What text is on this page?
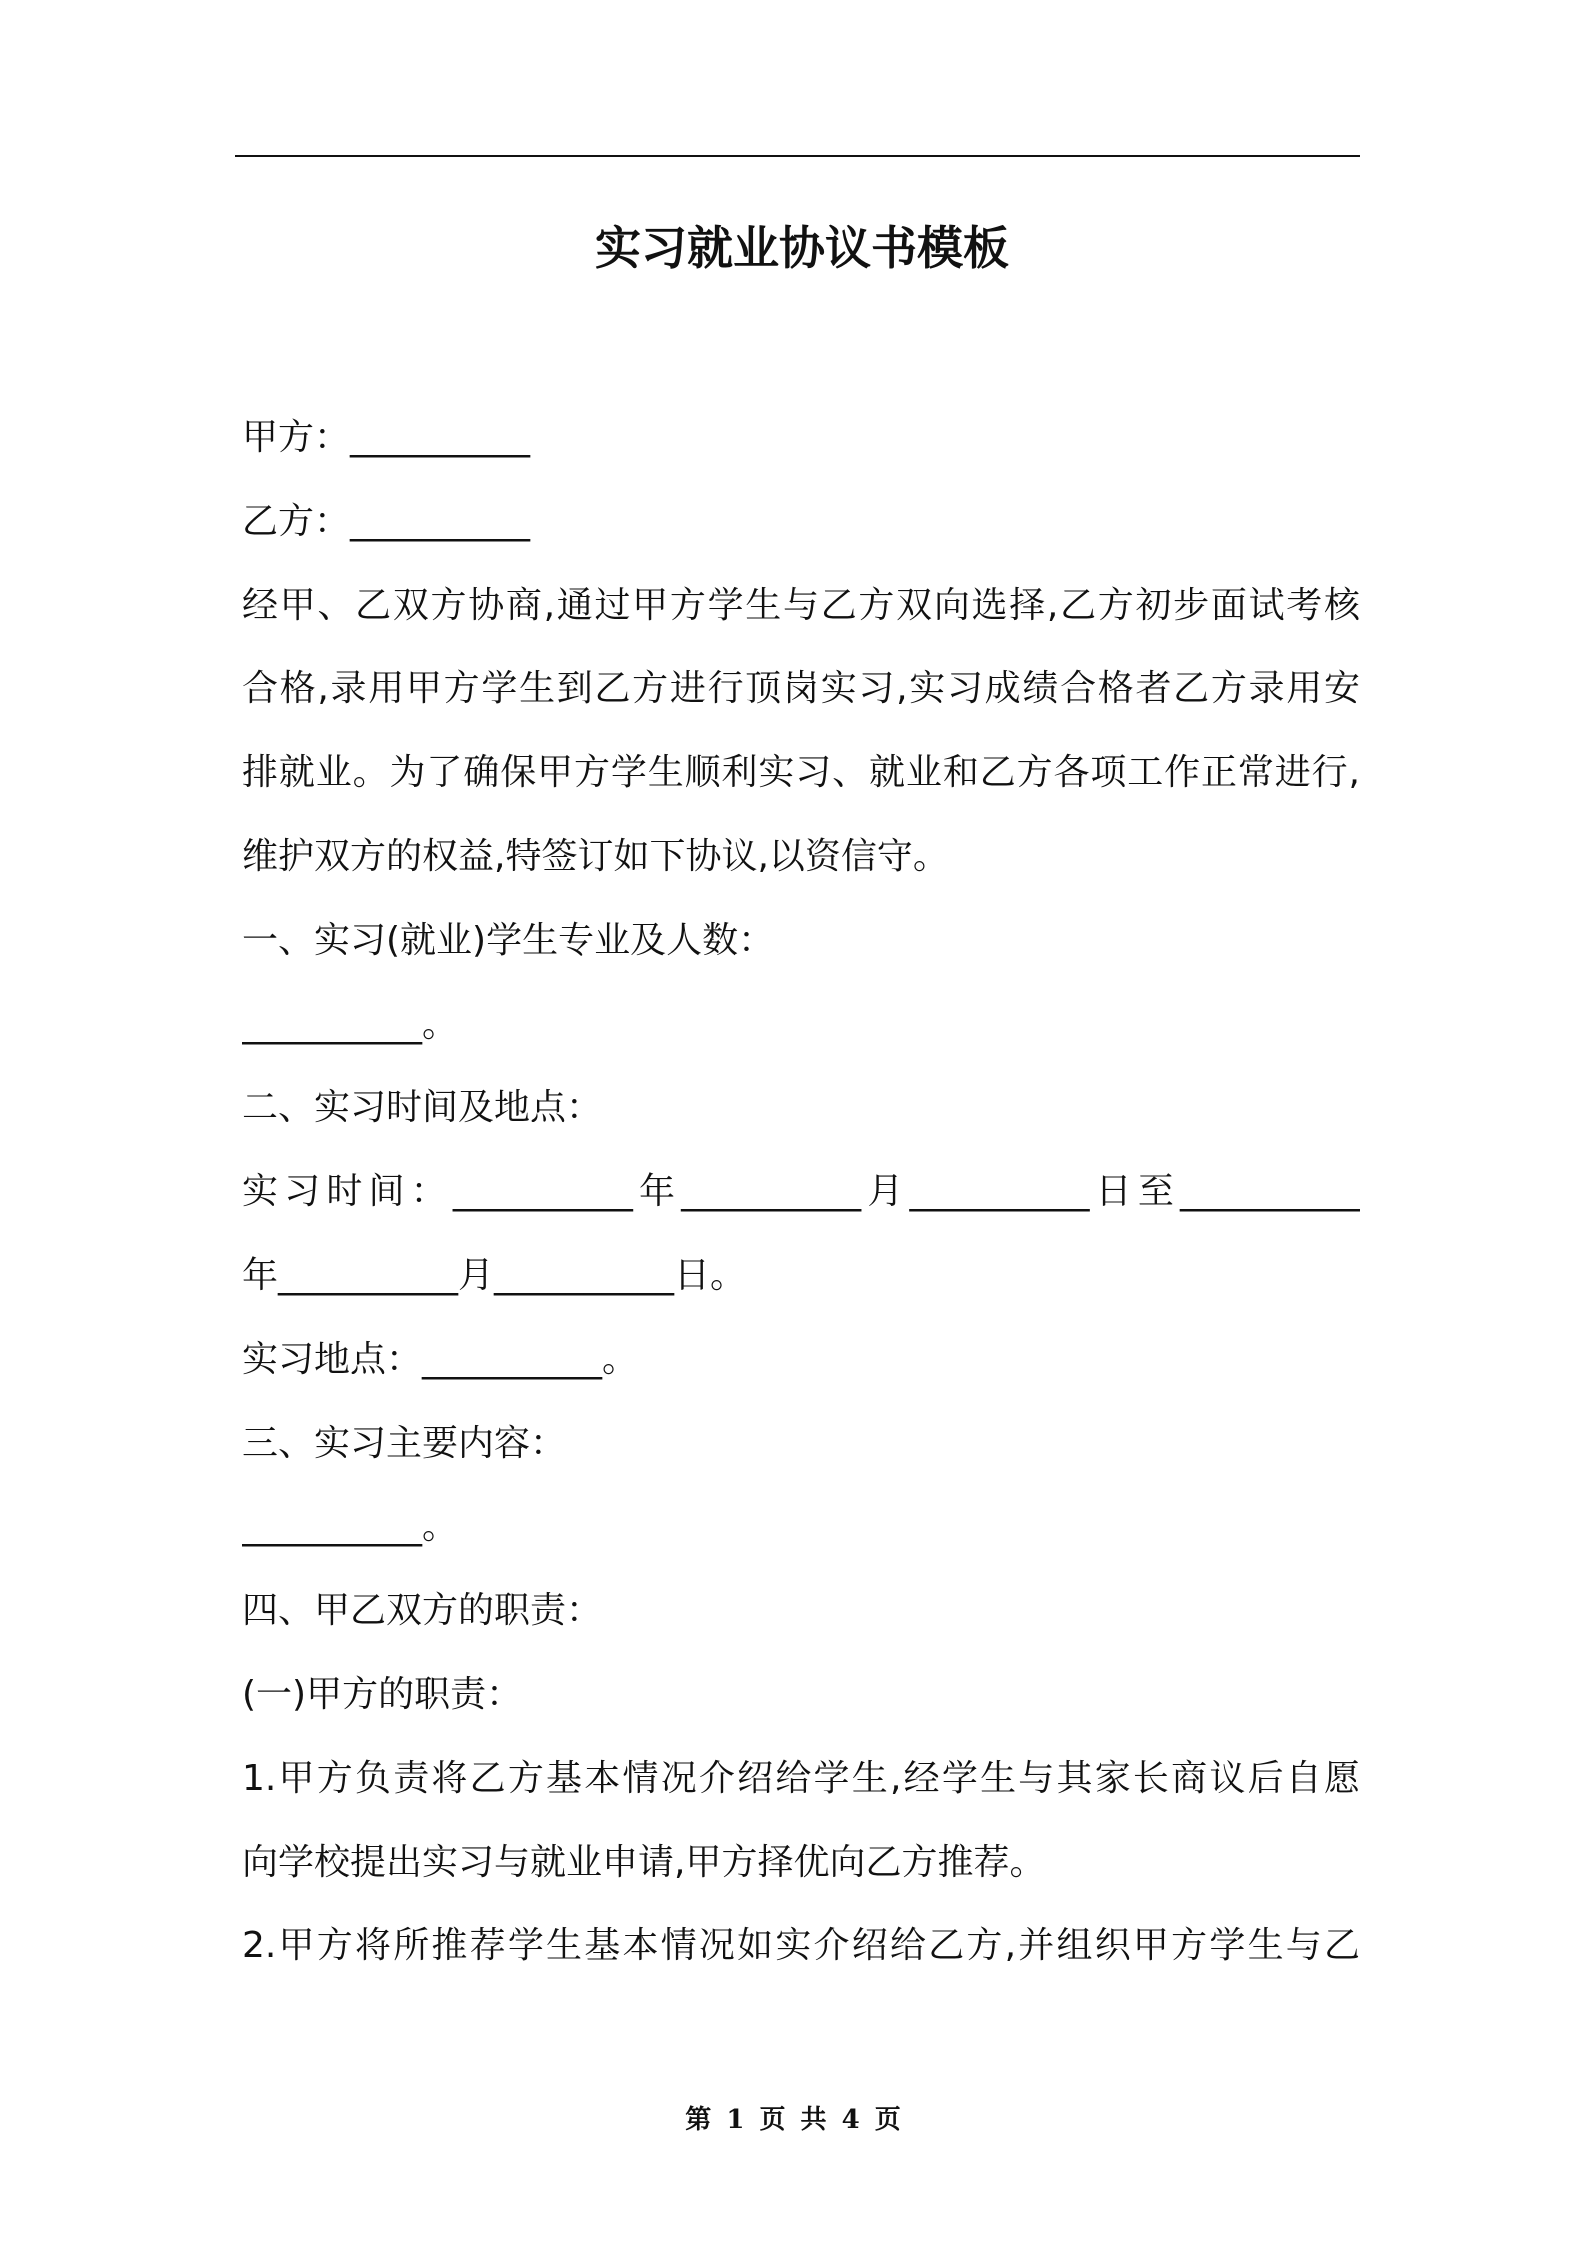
实习就业协议书模板
甲方：__________
乙方：__________
经甲、乙双方协商,通过甲方学生与乙方双向选择,乙方初步面试考核
合格,录用甲方学生到乙方进行顶岗实习,实习成绩合格者乙方录用安
排就业。为了确保甲方学生顺利实习、就业和乙方各项工作正常进行,
维护双方的权益,特签订如下协议,以资信守。
一、实习(就业)学生专业及人数：
__________。
二、实习时间及地点：
实习时间：__________年__________月__________日至__________
年__________月__________日。
实习地点：__________。
三、实习主要内容：
__________。
四、甲乙双方的职责：
(一)甲方的职责：
1.甲方负责将乙方基本情况介绍给学生,经学生与其家长商议后自愿
向学校提出实习与就业申请,甲方择优向乙方推荐。
2.甲方将所推荐学生基本情况如实介绍给乙方,并组织甲方学生与乙
第 1 页 共 4 页
